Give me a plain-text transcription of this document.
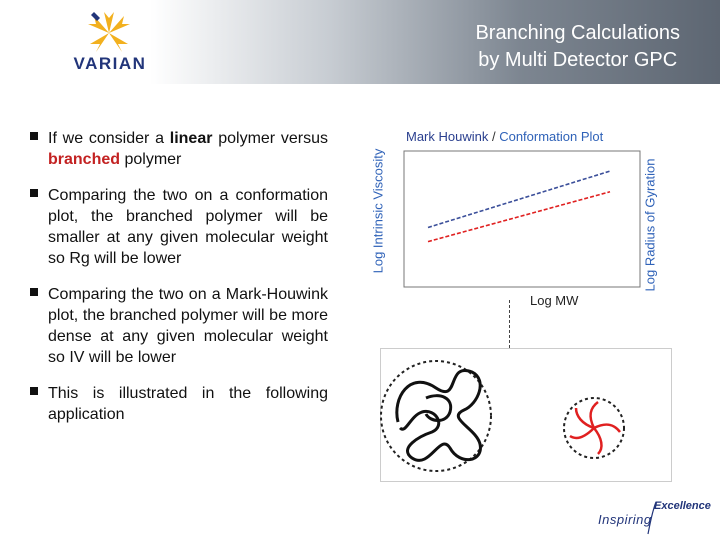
VARIAN
Branching Calculations
by Multi Detector GPC
If we consider a linear polymer versus branched polymer
Comparing the two on a conformation plot, the branched polymer will be smaller at any given molecular weight so Rg will be lower
Comparing the two on a Mark-Houwink plot, the branched polymer will be more dense at any given molecular weight so IV will be lower
This is illustrated in the following application
Mark Houwink / Conformation Plot
Log Intrinsic Viscosity	Log Radius of Gyration
Log MW
Inspiring
Excellence
